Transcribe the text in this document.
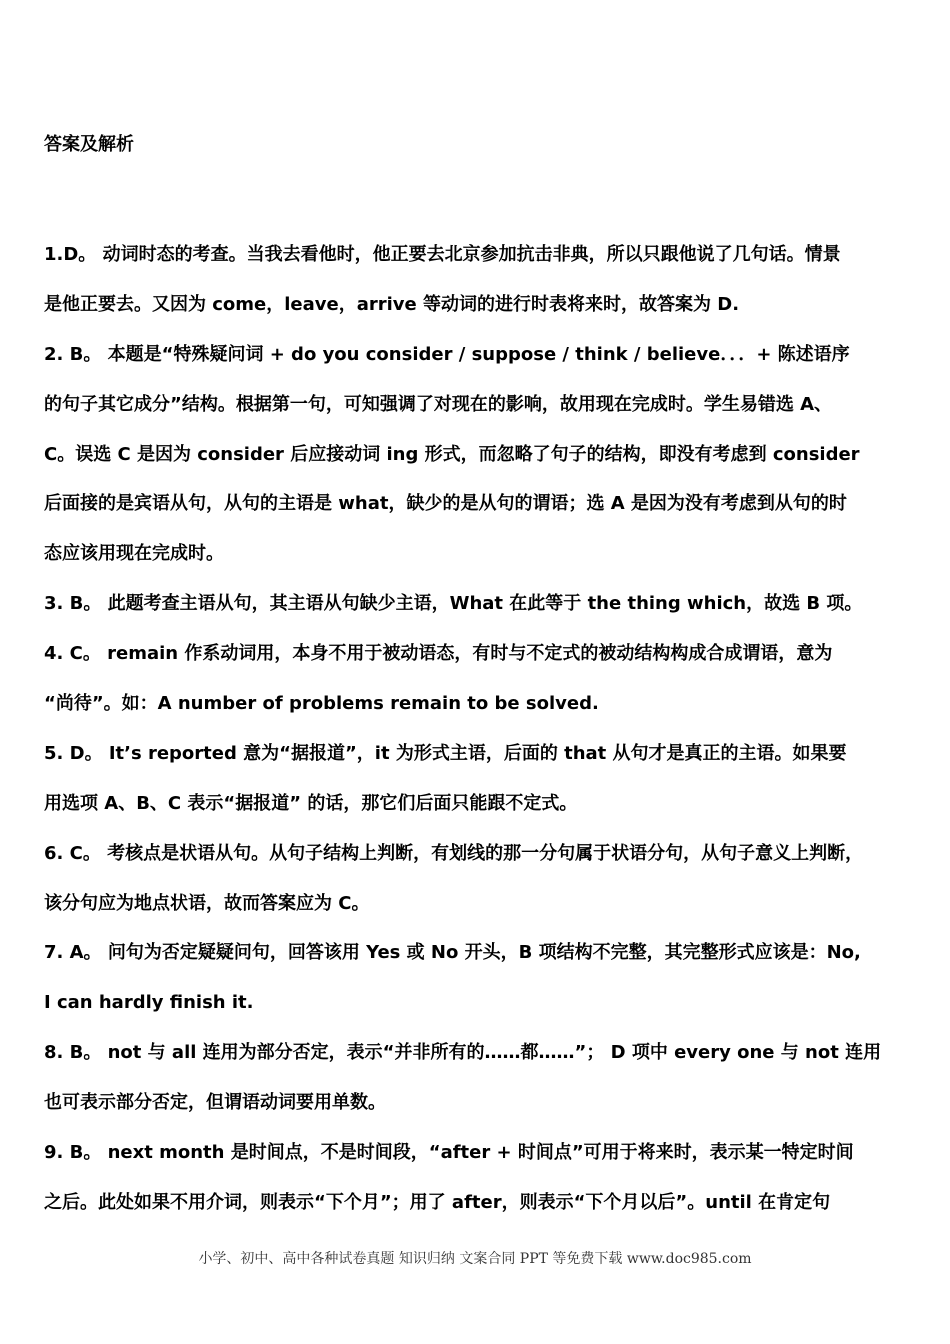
答案及解析
1.D。 动词时态的考查。当我去看他时，他正要去北京参加抗击非典，所以只跟他说了几句话。情景
是他正要去。又因为 come，leave，arrive 等动词的进行时表将来时，故答案为 D.
2. B。 本题是“特殊疑问词 + do you consider / suppose / think / believe．．．+ 陈述语序
的句子其它成分”结构。根据第一句，可知强调了对现在的影响，故用现在完成时。学生易错选 A、
C。误选 C 是因为 consider 后应接动词 ing 形式，而忽略了句子的结构，即没有考虑到 consider
后面接的是宾语从句，从句的主语是 what，缺少的是从句的谓语；选 A 是因为没有考虑到从句的时
态应该用现在完成时。
3. B。 此题考查主语从句，其主语从句缺少主语，What 在此等于 the thing which，故选 B 项。
4. C。 remain 作系动词用，本身不用于被动语态，有时与不定式的被动结构构成合成谓语，意为
“尚待”。如：A number of problems remain to be solved.
5. D。 It’s reported 意为“据报道”，it 为形式主语，后面的 that 从句才是真正的主语。如果要
用选项 A、B、C 表示“据报道” 的话，那它们后面只能跟不定式。
6. C。 考核点是状语从句。从句子结构上判断，有划线的那一分句属于状语分句，从句子意义上判断，
该分句应为地点状语，故而答案应为 C。
7. A。 问句为否定疑疑问句，回答该用 Yes 或 No 开头，B 项结构不完整，其完整形式应该是：No,
I can hardly finish it.
8. B。 not 与 all 连用为部分否定，表示“并非所有的……都……”； D 项中 every one 与 not 连用
也可表示部分否定，但谓语动词要用单数。
9. B。 next month 是时间点，不是时间段，“after + 时间点”可用于将来时，表示某一特定时间
之后。此处如果不用介词，则表示“下个月”；用了 after，则表示“下个月以后”。until 在肯定句
小学、初中、高中各种试卷真题 知识归纳 文案合同 PPT 等免费下载 www.doc985.com
